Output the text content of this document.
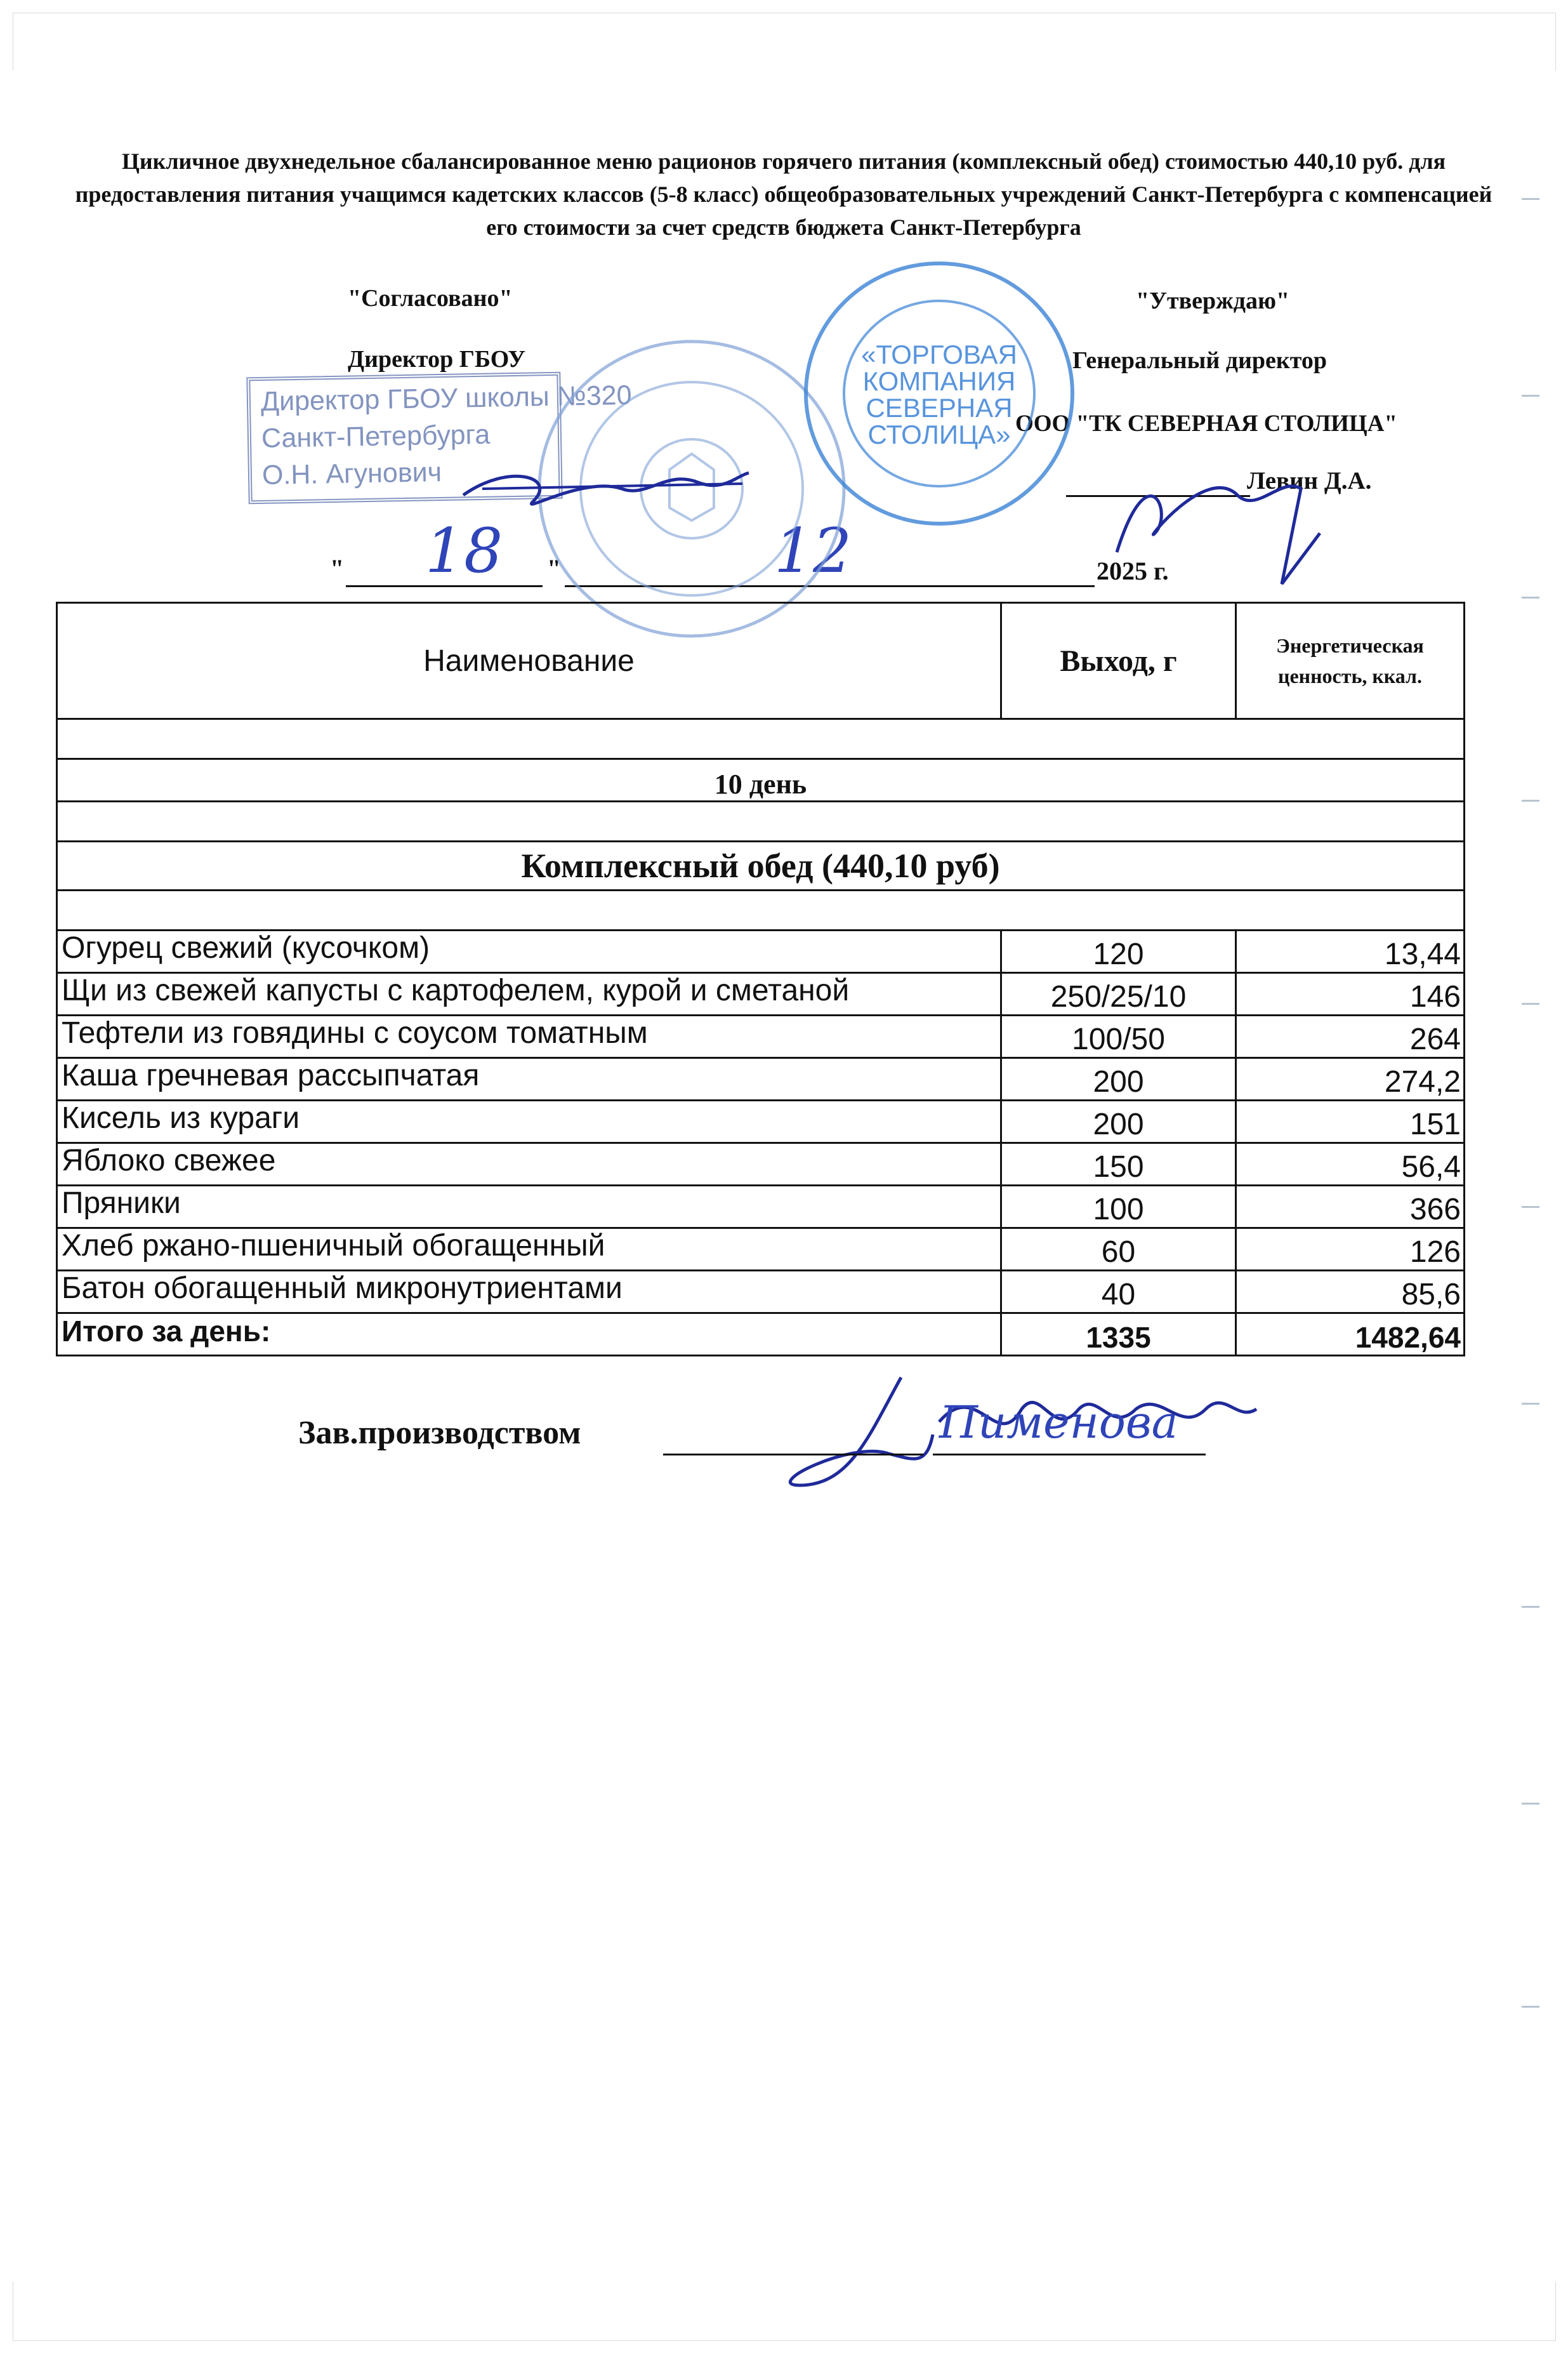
Цикличное двухнедельное сбалансированное меню рационов горячего питания (комплексный обед) стоимостью 440,10 руб. для предоставления питания учащимся кадетских классов (5-8 класс) общеобразовательных учреждений Санкт-Петербурга с компенсацией его стоимости за счет средств бюджета Санкт-Петербурга
"Согласовано"	"Утверждаю"
Директор ГБОУ	Генеральный директор
ООО "ТК СЕВЕРНАЯ СТОЛИЦА"
Левин Д.А.
"	"	2025 г.
18	12
Директор ГБОУ школы №320
Санкт-Петербурга
О.Н. Агунович
«ТОРГОВАЯ
КОМПАНИЯ
СЕВЕРНАЯ
СТОЛИЦА»
Наименование	Выход, г	Энергетическая
ценность, ккал.

10 день		

Комплексный обед (440,10 руб)		

Огурец свежий (кусочком)	120	13,44
Щи из свежей капусты с картофелем, курой и сметаной	250/25/10	146
Тефтели из говядины с соусом томатным	100/50	264
Каша гречневая рассыпчатая	200	274,2
Кисель из кураги	200	151
Яблоко свежее	150	56,4
Пряники	100	366
Хлеб ржано-пшеничный обогащенный	60	126
Батон обогащенный микронутриентами	40	85,6
Итого за день:	1335	1482,64
Зав.производством	Пименова
